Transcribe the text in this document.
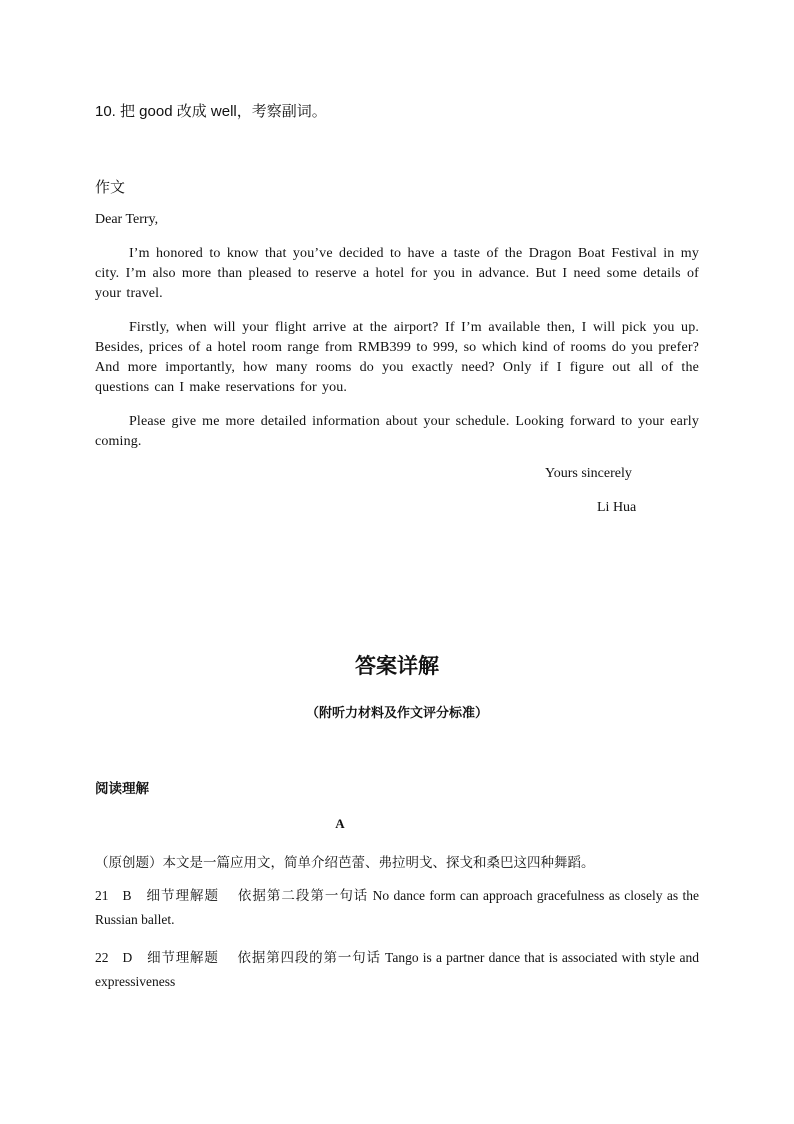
10. 把 good 改成 well，考察副词。
作文
Dear Terry,

I’m honored to know that you’ve decided to have a taste of the Dragon Boat Festival in my city. I’m also more than pleased to reserve a hotel for you in advance. But I need some details of your travel.

Firstly, when will your flight arrive at the airport? If I’m available then, I will pick you up. Besides, prices of a hotel room range from RMB399 to 999, so which kind of rooms do you prefer? And more importantly, how many rooms do you exactly need? Only if I figure out all of the questions can I make reservations for you.

Please give me more detailed information about your schedule. Looking forward to your early coming.

Yours sincerely
Li Hua
答案详解
（附听力材料及作文评分标准）
阅读理解
A
（原创题）本文是一篇应用文，简单介绍芭蕾、弗拉明戈、探戈和桑巴这四种舞蹈。
21 B 细节理解题 依据第二段第一句话 No dance form can approach gracefulness as closely as the Russian ballet.
22 D 细节理解题 依据第四段的第一句话 Tango is a partner dance that is associated with style and expressiveness
